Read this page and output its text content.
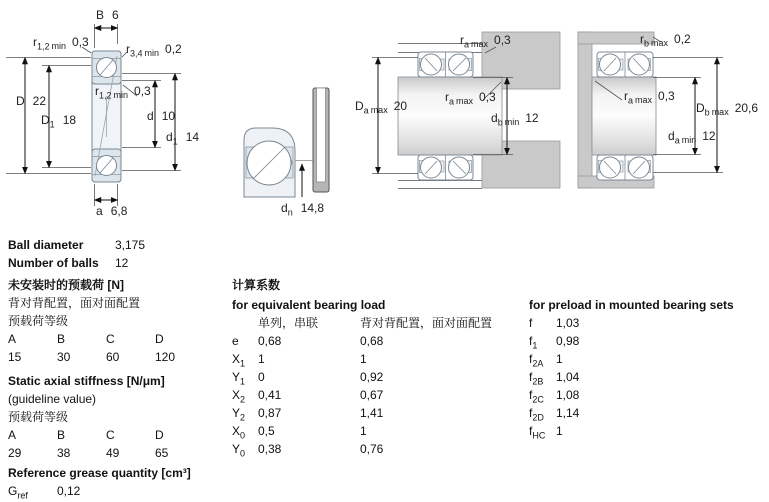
B 6
$r_{1,2}$ $_{min}$ 0,3	$r_{3,4}$ $_{min}$ 0,2
D 22
$D_1$ 18
$r_{1,2}$ $_{min}$ 0,3
d 10
$d_1$ 14
a 6,8	$d_n$ 14,8
$r_a$ $_{max}$ 0,3
$D_a$ $_{max}$ 20
$r_a$ $_{max}$ 0,3
$d_b$ $_{min}$ 12
$r_b$ $_{max}$ 0,2
$r_a$ $_{max}$ 0,3
$D_b$ $_{max}$ 20,6
$d_a$ $_{min}$ 12
Ball diameter	3,175
Number of balls 12
未安装时的预载荷 [N]
背对背配置，面对面配置
预载荷等级
A	B	C	D
15	30	60	120
Static axial stiffness [N/μm]
(guideline value)
预载荷等级
A	B	C	D
29	38	49	65
Reference grease quantity [cm³]
$G_{ref}$ 0,12
计算系数
for equivalent bearing load
单列，串联	背对背配置，面对面配置
e 0,68	0,68
$X_1$ 1	1
$Y_1$ 0	0,92
$X_2$ 0,41	0,67
$Y_2$ 0,87	1,41
$X_0$ 0,5	1
$Y_0$ 0,38	0,76
for preload in mounted bearing sets
f 1,03
$f_1$ 0,98
$f_{2A}$ 1
$f_{2B}$ 1,04
$f_{2C}$ 1,08
$f_{2D}$ 1,14
$f_{HC}$ 1
